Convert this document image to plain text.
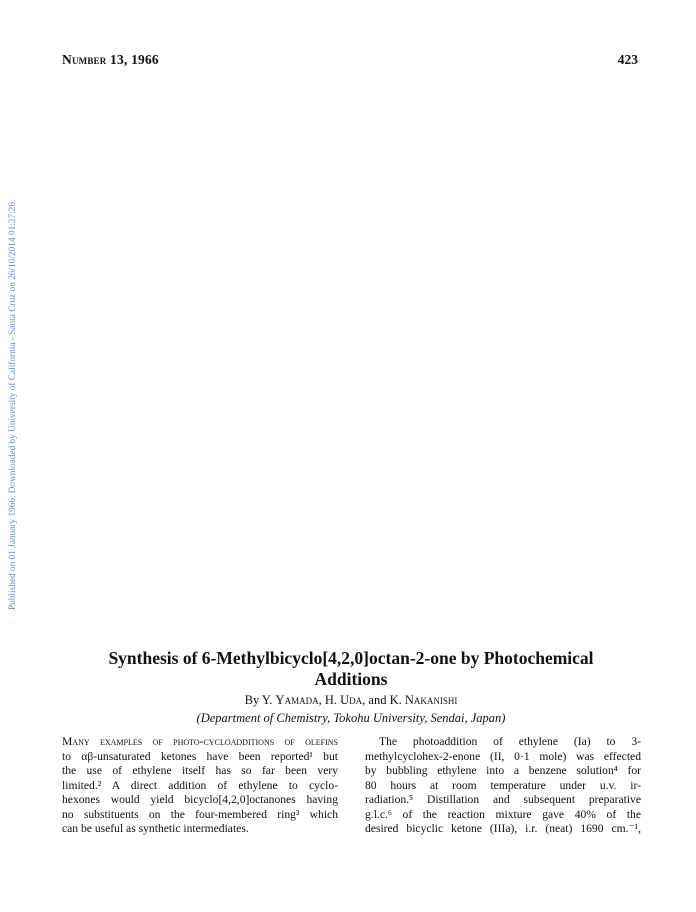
Number 13, 1966	423
Published on 01 January 1966. Downloaded by University of California - Santa Cruz on 26/10/2014 01:27:26.
Synthesis of 6-Methylbicyclo[4,2,0]octan-2-one by Photochemical
Additions
By Y. Yamada, H. Uda, and K. Nakanishi
(Department of Chemistry, Tokohu University, Sendai, Japan)
Many examples of photo-cycloadditions of olefins
to αβ-unsaturated ketones have been reported¹ but
the use of ethylene itself has so far been very
limited.² A direct addition of ethylene to cyclo-
hexones would yield bicyclo[4,2,0]octanones having
no substituents on the four-membered ring³ which
can be useful as synthetic intermediates.
The photoaddition of ethylene (Ia) to 3-
methylcyclohex-2-enone (II, 0·1 mole) was effected
by bubbling ethylene into a benzene solution⁴ for
80 hours at room temperature under u.v. ir-
radiation.⁵ Distillation and subsequent preparative
g.l.c.⁶ of the reaction mixture gave 40% of the
desired bicyclic ketone (IIIa), i.r. (neat) 1690 cm.⁻¹,
